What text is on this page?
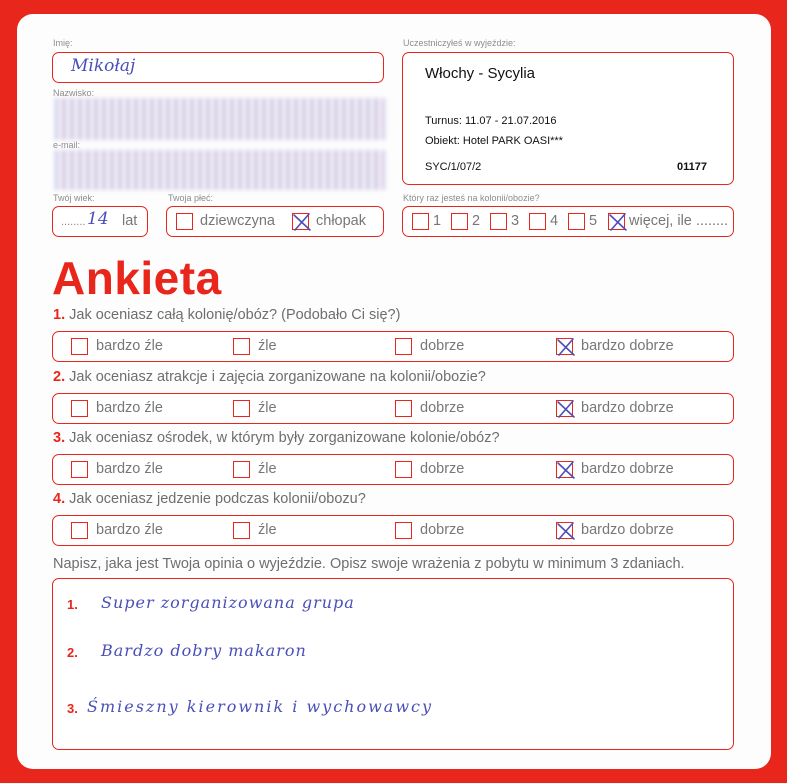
Imię:
Mikołaj
Nazwisko:
e-mail:
Twój wiek:
........ 14 lat
Twoja płeć:
dziewczyna	chłopak
Uczestniczyłeś w wyjeździe:
Włochy - Sycylia
Turnus: 11.07 - 21.07.2016
Obiekt: Hotel PARK OASI***
SYC/1/07/2	01177
Który raz jesteś na kolonii/obozie?
1 2 3 4 5 więcej, ile ........
Ankieta
1. Jak oceniasz całą kolonię/obóz? (Podobało Ci się?)
bardzo źle	źle	dobrze	bardzo dobrze
2. Jak oceniasz atrakcje i zajęcia zorganizowane na kolonii/obozie?
bardzo źle	źle	dobrze	bardzo dobrze
3. Jak oceniasz ośrodek, w którym były zorganizowane kolonie/obóz?
bardzo źle	źle	dobrze	bardzo dobrze
4. Jak oceniasz jedzenie podczas kolonii/obozu?
bardzo źle	źle	dobrze	bardzo dobrze
Napisz, jaka jest Twoja opinia o wyjeździe. Opisz swoje wrażenia z pobytu w minimum 3 zdaniach.
1. Super zorganizowana grupa
2. Bardzo dobry makaron
3. Śmieszny kierownik i wychowawcy
